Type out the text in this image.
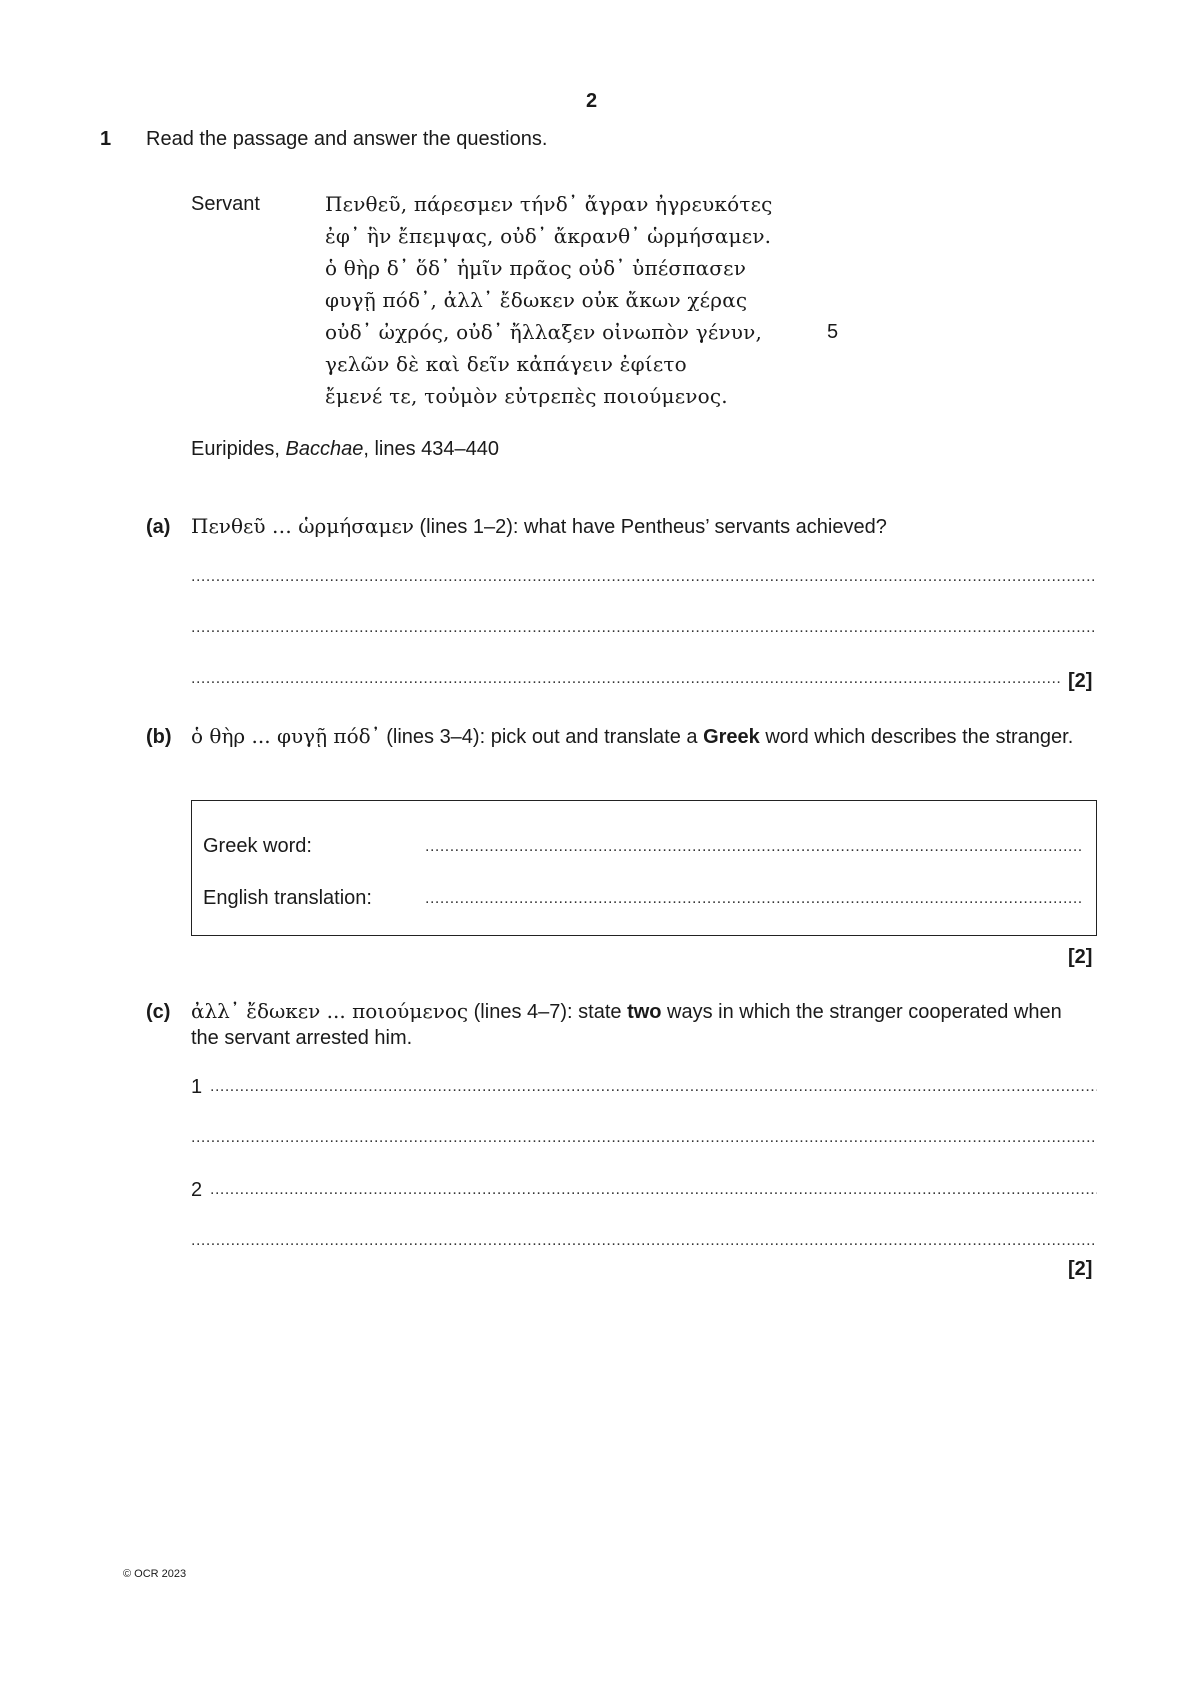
2
1 Read the passage and answer the questions.
Servant	Πενθεῦ, πάρεσμεν τήνδ᾽ ἄγραν ἠγρευκότες
ἐφ᾽ ἣν ἔπεμψας, οὐδ᾽ ἄκρανθ᾽ ὡρμήσαμεν.
ὁ θὴρ δ᾽ ὅδ᾽ ἡμῖν πρᾶος οὐδ᾽ ὑπέσπασεν
φυγῇ πόδ᾽, ἀλλ᾽ ἔδωκεν οὐκ ἄκων χέρας
οὐδ᾽ ὠχρός, οὐδ᾽ ἤλλαξεν οἰνωπὸν γένυν,
γελῶν δὲ καὶ δεῖν κἀπάγειν ἐφίετο
ἔμενέ τε, τοὐμὸν εὐτρεπὲς ποιούμενος.
5
Euripides, Bacchae, lines 434–440
(a) Πενθεῦ … ὡρμήσαμεν (lines 1–2): what have Pentheus’ servants achieved?
.....
.....
.....
[2]
(b) ὁ θὴρ ... φυγῇ πόδ᾽ (lines 3–4): pick out and translate a Greek word which describes the stranger.
Greek word:
.....
English translation:
.....
[2]
(c) ἀλλ᾽ ἔδωκεν ... ποιούμενος (lines 4–7): state two ways in which the stranger cooperated when the servant arrested him.
1
.....
.....
2
.....
.....
[2]
© OCR 2023
